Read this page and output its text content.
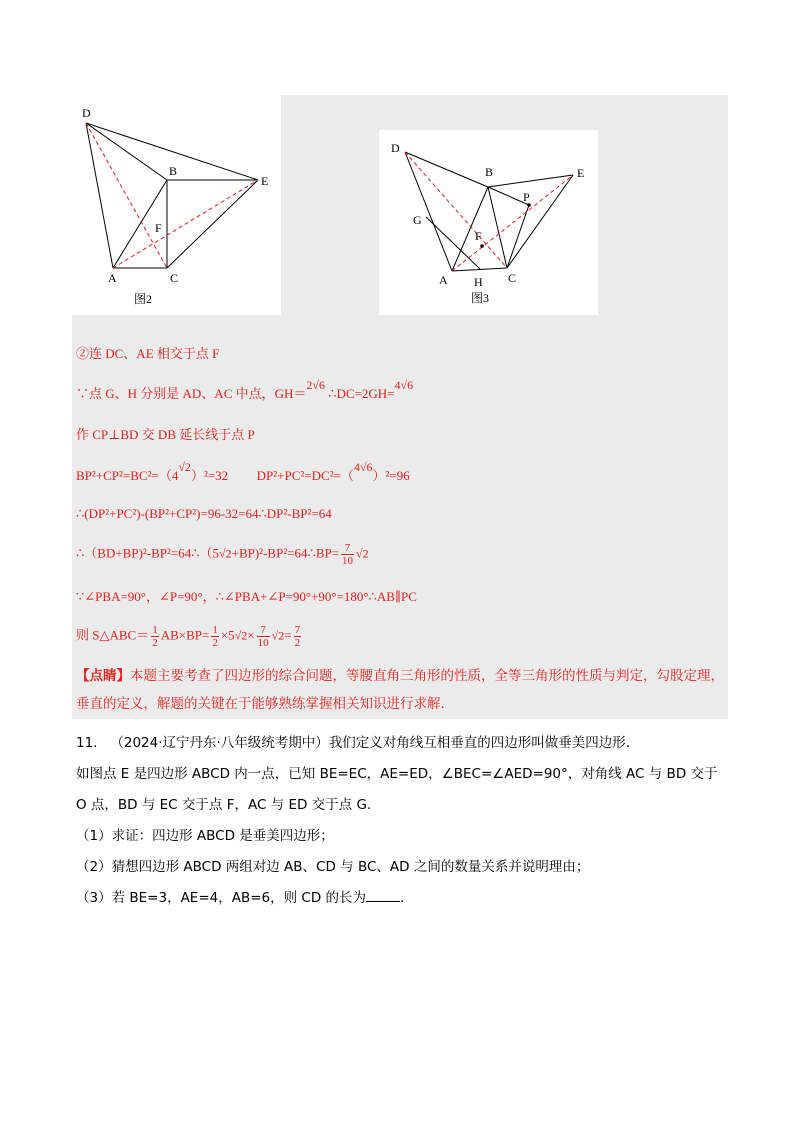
D
B
E
F
A	C
图2
D
B	E
P
G
F
A H C
图3
②连 DC、AE 相交于点 F
∵点 G、H 分别是 AD、AC 中点，GH＝2√6 ∴DC=2GH=4√6
作 CP⊥BD 交 DB 延长线于点 P
BP²+CP²=BC²=（4√2）²=32 DP²+PC²=DC²=（4√6）²=96
∴(DP²+PC²)-(BP²+CP²)=96-32=64∴DP²-BP²=64
∴（BD+BP)²-BP²=64∴（5√2+BP)²-BP²=64∴BP= $\frac{7}{10} √2$
∵∠PBA=90°，∠P=90°，∴∠PBA+∠P=90°+90°=180°∴AB∥PC
则 S△ABC＝ $\frac{1}{2} AB\times BP= \frac{1}{2} \times 5√2\times \frac{7}{10} √2= \frac{7}{2}$
【点睛】本题主要考查了四边形的综合问题，等腰直角三角形的性质，全等三角形的性质与判定，勾股定理，垂直的定义，解题的关键在于能够熟练掌握相关知识进行求解.
11. （2024·辽宁丹东·八年级统考期中）我们定义对角线互相垂直的四边形叫做垂美四边形.
如图点 E 是四边形 ABCD 内一点，已知 BE=EC，AE=ED，∠BEC=∠AED=90°，对角线 AC 与 BD 交于
O 点，BD 与 EC 交于点 F，AC 与 ED 交于点 G.
（1）求证：四边形 ABCD 是垂美四边形；
（2）猜想四边形 ABCD 两组对边 AB、CD 与 BC、AD 之间的数量关系并说明理由；
（3）若 BE=3，AE=4，AB=6，则 CD 的长为	.
